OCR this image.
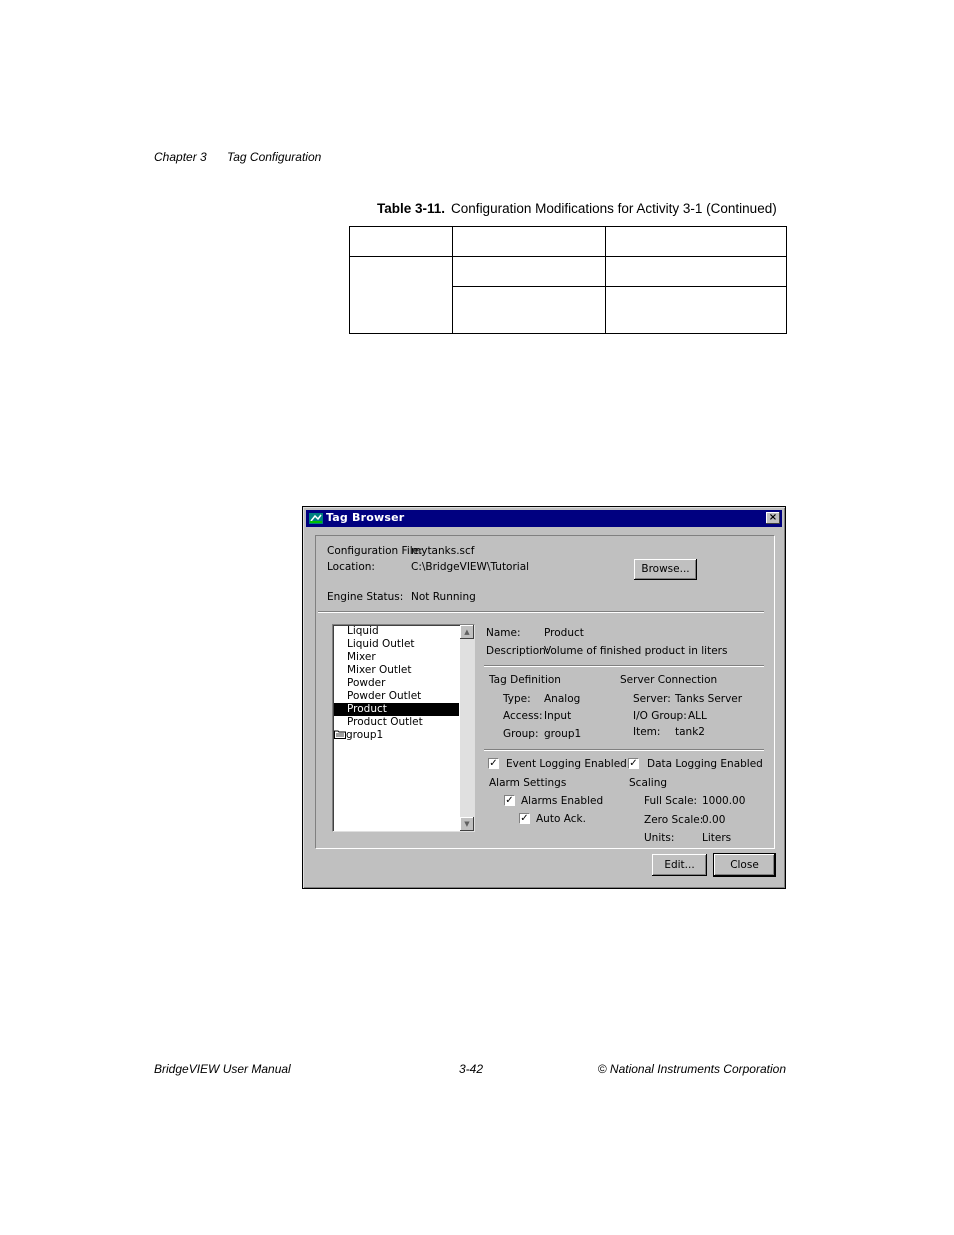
Chapter 3 Tag Configuration
Table 3-11. Configuration Modifications for Activity 3-1 (Continued)

Tag Browser	×
Configuration File:
mytanks.scf
Location:	C:\BridgeVIEW\Tutorial	Browse...
Engine Status: Not Running
Liquid
Liquid Outlet
Mixer
Mixer Outlet
Powder
Powder Outlet
Product
Product Outlet
group1
▲
▼
Name: Product
Description:
Volume of finished product in liters
Tag Definition
Type: Analog
Access: Input
Group: group1
Server Connection
Server: Tanks Server
I/O Group: ALL
Item: tank2
✓ Event Logging Enabled ✓ Data Logging Enabled
Alarm Settings
✓ Alarms Enabled
✓ Auto Ack.
Scaling
Full Scale: 1000.00
Zero Scale:
0.00
Units:	Liters
Edit...	Close
BridgeVIEW User Manual	3-42	© National Instruments Corporation
